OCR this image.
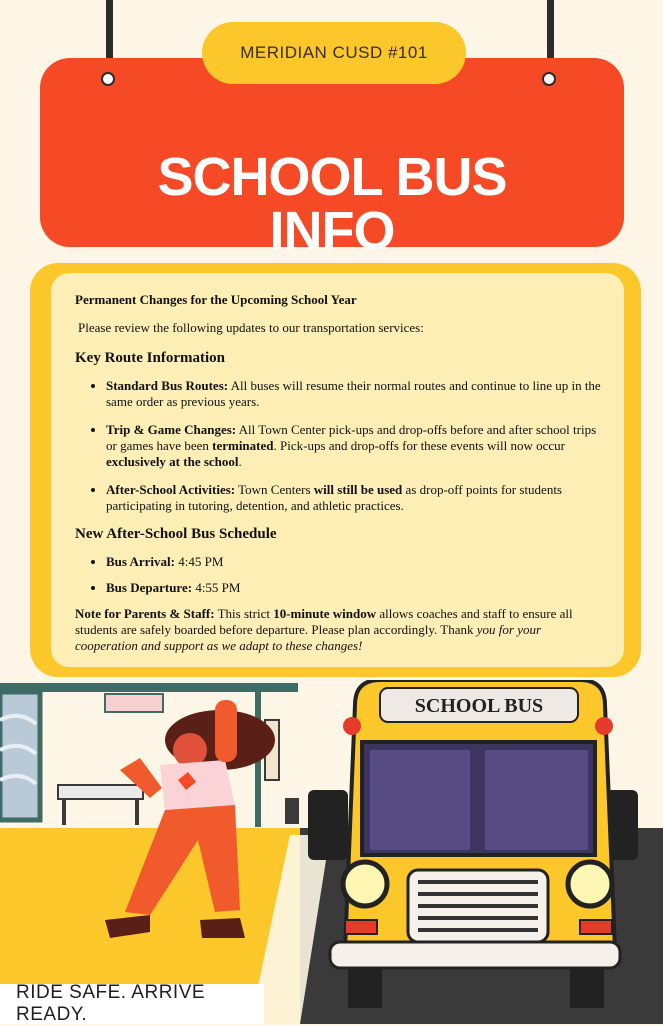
MERIDIAN CUSD #101
SCHOOL BUS
INFO

Permanent Changes for the Upcoming School Year

Please review the following updates to our transportation services:

Key Route Information
• Standard Bus Routes: All buses will resume their normal routes and continue to line up in the same order as previous years.
• Trip & Game Changes: All Town Center pick-ups and drop-offs before and after school trips or games have been terminated. Pick-ups and drop-offs for these events will now occur exclusively at the school.
• After-School Activities: Town Centers will still be used as drop-off points for students participating in tutoring, detention, and athletic practices.
New After-School Bus Schedule
• Bus Arrival: 4:45 PM
• Bus Departure: 4:55 PM

Note for Parents & Staff: This strict 10-minute window allows coaches and staff to ensure all students are safely boarded before departure. Please plan accordingly. Thank you for your cooperation and support as we adapt to these changes!

SCHOOL BUS
RIDE SAFE. ARRIVE READY.
